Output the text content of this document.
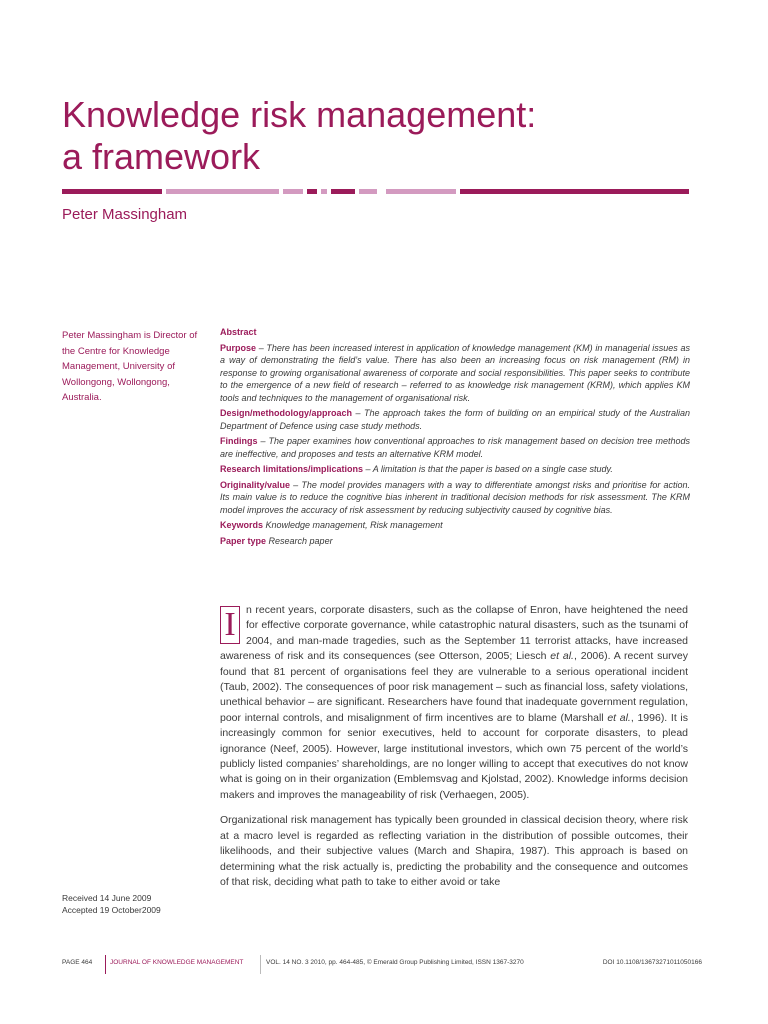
Knowledge risk management:
a framework
Peter Massingham
Peter Massingham is Director of the Centre for Knowledge Management, University of Wollongong, Wollongong, Australia.

Abstract

Purpose – There has been increased interest in application of knowledge management (KM) in managerial issues as a way of demonstrating the field’s value. There has also been an increasing focus on risk management (RM) in response to growing organisational awareness of corporate and social responsibilities. This paper seeks to contribute to the emergence of a new field of research – referred to as knowledge risk management (KRM), which applies KM tools and techniques to the management of organisational risk.

Design/methodology/approach – The approach takes the form of building on an empirical study of the Australian Department of Defence using case study methods.

Findings – The paper examines how conventional approaches to risk management based on decision tree methods are ineffective, and proposes and tests an alternative KRM model.

Research limitations/implications – A limitation is that the paper is based on a single case study.

Originality/value – The model provides managers with a way to differentiate amongst risks and prioritise for action. Its main value is to reduce the cognitive bias inherent in traditional decision methods for risk assessment. The KRM model improves the accuracy of risk assessment by reducing subjectivity caused by cognitive bias.

Keywords Knowledge management, Risk management

Paper type Research paper

I n recent years, corporate disasters, such as the collapse of Enron, have heightened the need for effective corporate governance, while catastrophic natural disasters, such as the tsunami of 2004, and man-made tragedies, such as the September 11 terrorist attacks, have increased awareness of risk and its consequences (see Otterson, 2005; Liesch et al., 2006). A recent survey found that 81 percent of organisations feel they are vulnerable to a serious operational incident (Taub, 2002). The consequences of poor risk management – such as financial loss, safety violations, unethical behavior – are significant. Researchers have found that inadequate government regulation, poor internal controls, and misalignment of firm incentives are to blame (Marshall et al., 1996). It is increasingly common for senior executives, held to account for corporate disasters, to plead ignorance (Neef, 2005). However, large institutional investors, which own 75 percent of the world’s publicly listed companies’ shareholdings, are no longer willing to accept that executives do not know what is going on in their organization (Emblemsvag and Kjolstad, 2002). Knowledge informs decision makers and improves the manageability of risk (Verhaegen, 2005).

Organizational risk management has typically been grounded in classical decision theory, where risk at a macro level is regarded as reflecting variation in the distribution of possible outcomes, their likelihoods, and their subjective values (March and Shapira, 1987). This approach is based on determining what the risk actually is, predicting the probability and the consequence and outcomes of that risk, deciding what path to take to either avoid or take

Received 14 June 2009
Accepted 19 October2009
PAGE 464	JOURNAL OF KNOWLEDGE MANAGEMENT	VOL. 14 NO. 3 2010, pp. 464-485, © Emerald Group Publishing Limited, ISSN 1367-3270	DOI 10.1108/13673271011050166
